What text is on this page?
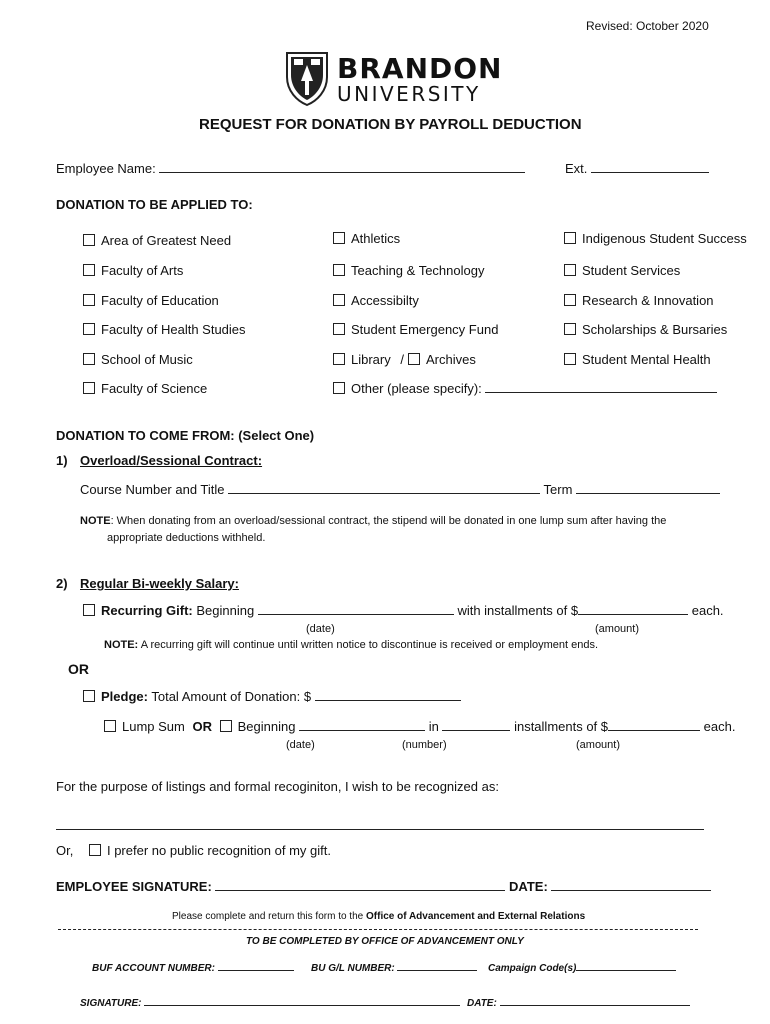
Revised: October 2020
BRANDON
UNIVERSITY
REQUEST FOR DONATION BY PAYROLL DEDUCTION
Employee Name:	Ext.
DONATION TO BE APPLIED TO:
Area of Greatest Need
Faculty of Arts
Faculty of Education
Faculty of Health Studies
School of Music
Faculty of Science
Athletics
Teaching & Technology
Accessibilty
Student Emergency Fund
Library /	Archives
Other (please specify):
Indigenous Student Success
Student Services
Research & Innovation
Scholarships & Bursaries
Student Mental Health
DONATION TO COME FROM: (Select One)
1) Overload/Sessional Contract:
Course Number and Title	Term
NOTE: When donating from an overload/sessional contract, the stipend will be donated in one lump sum after having the
appropriate deductions withheld.
2) Regular Bi-weekly Salary:
Recurring Gift: Beginning	with installments of $	each.
(date)	(amount)
NOTE: A recurring gift will continue until written notice to discontinue is received or employment ends.
OR
Pledge: Total Amount of Donation: $
Lump Sum OR Beginning	in	installments of $	each.
(date)	(number)	(amount)
For the purpose of listings and formal recoginiton, I wish to be recognized as:
Or,	I prefer no public recognition of my gift.
EMPLOYEE SIGNATURE:	DATE:
Please complete and return this form to the Office of Advancement and External Relations
TO BE COMPLETED BY OFFICE OF ADVANCEMENT ONLY
BUF ACCOUNT NUMBER:	BU G/L NUMBER:	Campaign Code(s)
SIGNATURE:	DATE:
